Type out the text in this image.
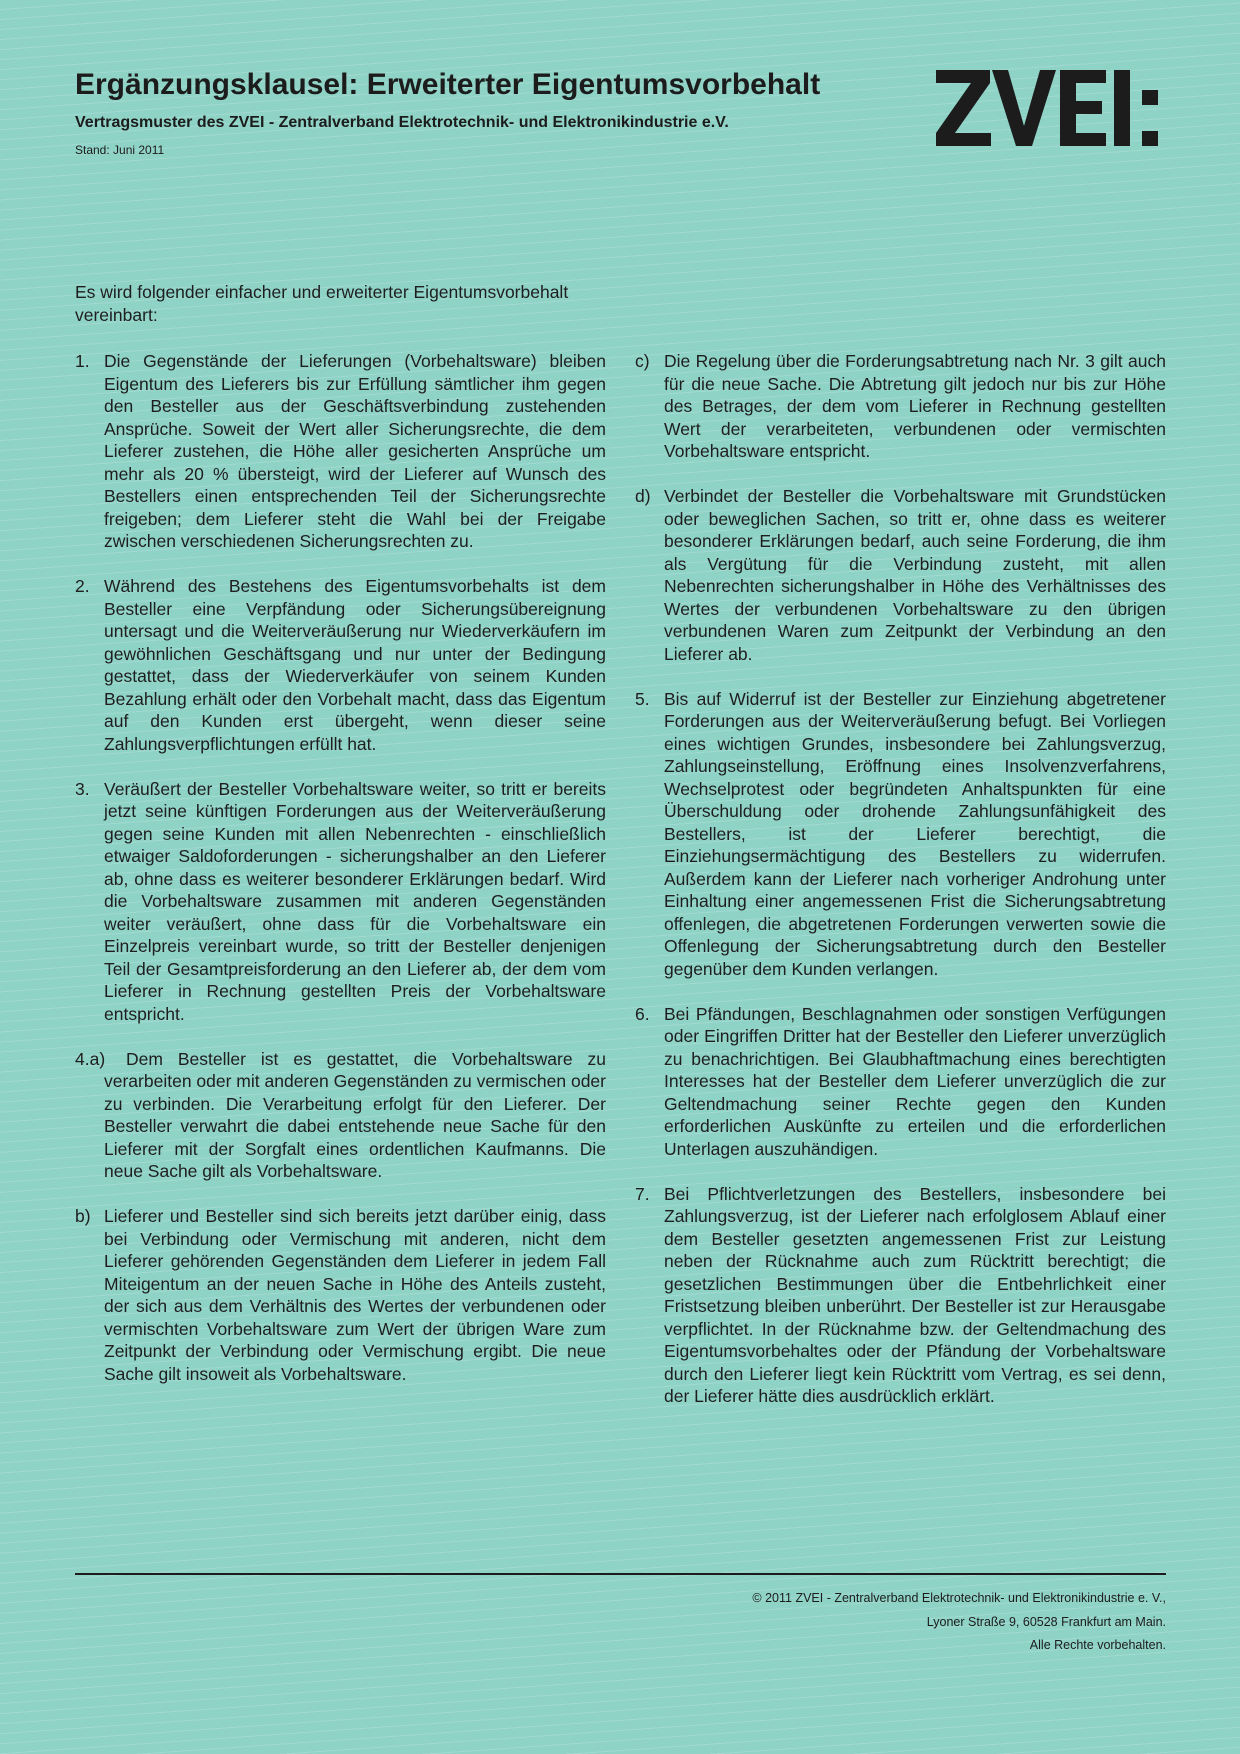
Ergänzungsklausel: Erweiterter Eigentumsvorbehalt

Vertragsmuster des ZVEI - Zentralverband Elektrotechnik- und Elektronikindustrie e.V.

Stand: Juni 2011

Es wird folgender einfacher und erweiterter Eigentumsvorbehalt vereinbart:

1. Die Gegenstände der Lieferungen (Vorbehaltsware) bleiben Eigentum des Lieferers bis zur Erfüllung sämtlicher ihm gegen den Besteller aus der Geschäftsverbindung zustehenden Ansprüche. Soweit der Wert aller Sicherungsrechte, die dem Lieferer zustehen, die Höhe aller gesicherten Ansprüche um mehr als 20 % übersteigt, wird der Lieferer auf Wunsch des Bestellers einen entsprechenden Teil der Sicherungsrechte freigeben; dem Lieferer steht die Wahl bei der Freigabe zwischen verschiedenen Sicherungsrechten zu.
2. Während des Bestehens des Eigentumsvorbehalts ist dem Besteller eine Verpfändung oder Sicherungsübereignung untersagt und die Weiterveräußerung nur Wiederverkäufern im gewöhnlichen Geschäftsgang und nur unter der Bedingung gestattet, dass der Wiederverkäufer von seinem Kunden Bezahlung erhält oder den Vorbehalt macht, dass das Eigentum auf den Kunden erst übergeht, wenn dieser seine Zahlungsverpflichtungen erfüllt hat.
3. Veräußert der Besteller Vorbehaltsware weiter, so tritt er bereits jetzt seine künftigen Forderungen aus der Weiterveräußerung gegen seine Kunden mit allen Nebenrechten - einschließlich etwaiger Saldoforderungen - sicherungshalber an den Lieferer ab, ohne dass es weiterer besonderer Erklärungen bedarf. Wird die Vorbehaltsware zusammen mit anderen Gegenständen weiter veräußert, ohne dass für die Vorbehaltsware ein Einzelpreis vereinbart wurde, so tritt der Besteller denjenigen Teil der Gesamtpreisforderung an den Lieferer ab, der dem vom Lieferer in Rechnung gestellten Preis der Vorbehaltsware entspricht.
4.a)	Dem Besteller ist es gestattet, die Vorbehaltsware zu verarbeiten oder mit anderen Gegenständen zu vermischen oder zu verbinden. Die Verarbeitung erfolgt für den Lieferer. Der Besteller verwahrt die dabei entstehende neue Sache für den Lieferer mit der Sorgfalt eines ordentlichen Kaufmanns. Die neue Sache gilt als Vorbehaltsware.
b) Lieferer und Besteller sind sich bereits jetzt darüber einig, dass bei Verbindung oder Vermischung mit anderen, nicht dem Lieferer gehörenden Gegenständen dem Lieferer in jedem Fall Miteigentum an der neuen Sache in Höhe des Anteils zusteht, der sich aus dem Verhältnis des Wertes der verbundenen oder vermischten Vorbehaltsware zum Wert der übrigen Ware zum Zeitpunkt der Verbindung oder Vermischung ergibt. Die neue Sache gilt insoweit als Vorbehaltsware.
c) Die Regelung über die Forderungsabtretung nach Nr. 3 gilt auch für die neue Sache. Die Abtretung gilt jedoch nur bis zur Höhe des Betrages, der dem vom Lieferer in Rechnung gestellten Wert der verarbeiteten, verbundenen oder vermischten Vorbehaltsware entspricht.
d) Verbindet der Besteller die Vorbehaltsware mit Grundstücken oder beweglichen Sachen, so tritt er, ohne dass es weiterer besonderer Erklärungen bedarf, auch seine Forderung, die ihm als Vergütung für die Verbindung zusteht, mit allen Nebenrechten sicherungshalber in Höhe des Verhältnisses des Wertes der verbundenen Vorbehaltsware zu den übrigen verbundenen Waren zum Zeitpunkt der Verbindung an den Lieferer ab.
5. Bis auf Widerruf ist der Besteller zur Einziehung abgetretener Forderungen aus der Weiterveräußerung befugt. Bei Vorliegen eines wichtigen Grundes, insbesondere bei Zahlungsverzug, Zahlungseinstellung, Eröffnung eines Insolvenzverfahrens, Wechselprotest oder begründeten Anhaltspunkten für eine Überschuldung oder drohende Zahlungsunfähigkeit des Bestellers, ist der Lieferer berechtigt, die Einziehungsermächtigung des Bestellers zu widerrufen. Außerdem kann der Lieferer nach vorheriger Androhung unter Einhaltung einer angemessenen Frist die Sicherungsabtretung offenlegen, die abgetretenen Forderungen verwerten sowie die Offenlegung der Sicherungsabtretung durch den Besteller gegenüber dem Kunden verlangen.
6. Bei Pfändungen, Beschlagnahmen oder sonstigen Verfügungen oder Eingriffen Dritter hat der Besteller den Lieferer unverzüglich zu benachrichtigen. Bei Glaubhaftmachung eines berechtigten Interesses hat der Besteller dem Lieferer unverzüglich die zur Geltendmachung seiner Rechte gegen den Kunden erforderlichen Auskünfte zu erteilen und die erforderlichen Unterlagen auszuhändigen.
7. Bei Pflichtverletzungen des Bestellers, insbesondere bei Zahlungsverzug, ist der Lieferer nach erfolglosem Ablauf einer dem Besteller gesetzten angemessenen Frist zur Leistung neben der Rücknahme auch zum Rücktritt berechtigt; die gesetzlichen Bestimmungen über die Entbehrlichkeit einer Fristsetzung bleiben unberührt. Der Besteller ist zur Herausgabe verpflichtet. In der Rücknahme bzw. der Geltendmachung des Eigentumsvorbehaltes oder der Pfändung der Vorbehaltsware durch den Lieferer liegt kein Rücktritt vom Vertrag, es sei denn, der Lieferer hätte dies ausdrücklich erklärt.

© 2011 ZVEI - Zentralverband Elektrotechnik- und Elektronikindustrie e. V.,

Lyoner Straße 9, 60528 Frankfurt am Main.

Alle Rechte vorbehalten.
